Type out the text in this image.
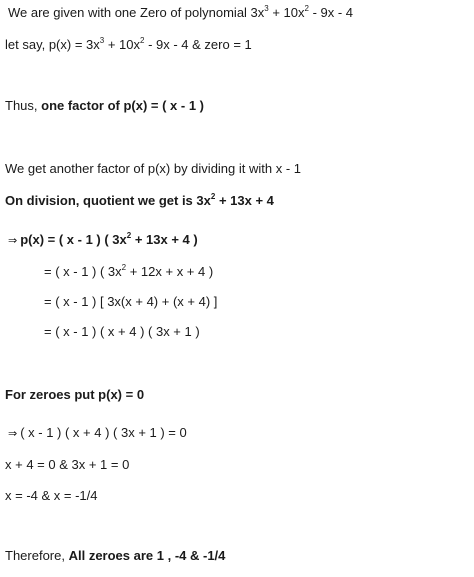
We are given with one Zero of polynomial $3x^3 + 10x^2 - 9x - 4$
let say, $p(x) = 3x^3 + 10x^2 - 9x - 4$ & zero = 1
Thus, one factor of p(x) = ( x - 1 )
We get another factor of p(x) by dividing it with x - 1
On division, quotient we get is $3x^2 + 13x + 4$
⇒ p(x) = ( x - 1 ) ( $3x^2 + 13x + 4$ )
= ( x - 1 ) ( $3x^2 + 12x + x + 4$ )
= ( x - 1 ) [ 3x(x + 4) + (x + 4) ]
= ( x - 1 ) ( x + 4 ) ( 3x + 1 )
For zeroes put p(x) = 0
⇒ ( x - 1 ) ( x + 4 ) ( 3x + 1 ) = 0
x + 4 = 0 & 3x + 1 = 0
x = -4 & x = -1/4
Therefore, All zeroes are 1 , -4 & -1/4
